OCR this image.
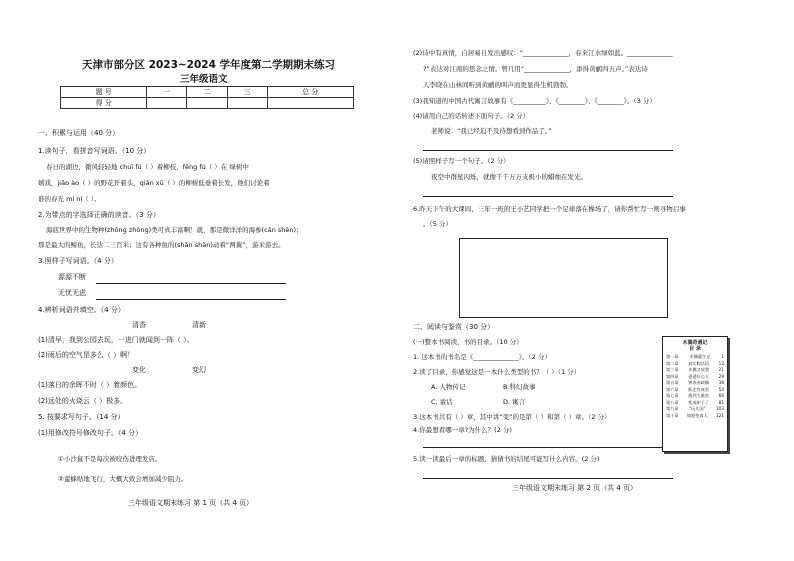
天津市部分区 2023~2024 学年度第二学期期末练习
三年级语文
题 号	一	二	三	总 分
得 分				
一、积累与运用（40 分）
1.读句子，看拼音写词语。（10 分）
春日的湖边，微风轻轻地 chuī fú（ ）着柳枝，fěng fú（ ）在 绿树中
嬉戏，jiāo ào（ ）的野花开着头，qiān xū（ ）的柳树低垂着长发，他们讨论着
谁的春光 mí ní（ ）。
2.为带点的字选择正确的读音。（3 分）
海底世界中的生物种(zhǒng zhòng)类可真丰富啊！就，那是微洋洋的海参(cān shēn)；
那是最大的鲸鱼，长达二三百米；这有各种鱼的(shǎn shàn)动着“两翼”，游来游去。
3.照样子写词语。（4 分）
源源不断
无忧无虑
4.辨析词语并填空。（4 分）
清香	清新
(1)清早，我到公园去玩，一进门就闻到一阵（ ）。
(2)雨后的空气是多么（ ）啊！
变化	变幻
(1)落日的余晖不时（ ）着颜色。
(2)远处的火烧云（ ）极多。
5. 按要求写句子。（14 分）
(1)用修改符号修改句子。（4 分）
①小沙鼠不是每次被咬伤进理发店。
②蛮蜂贴地飞行，大概大致会增加减少阻力。
三年级语文期末练习 第 1 页（共 4 页）
(2)诗中有真情，自居易自发出感叹：“______________，春来江水绿如蓝。______________
?”表达对江南的思念之情。曾几用“______________，添得黄鹂四五声。”表达诗
人李晓在山林间听到黄鹂的叫声而更显得生机勃勃。
(3)我知道的中国古代寓言故事有《__________》、《________》、《________》。（3 分）
(4)请用自己的话转述下面句子。（2 分）
老师说：“我已经迫不及待想看到作品了。”
(5)请照样子写一个句子。（2 分）
夜空中群星闪烁，就像千千万万支极小的蜡烛在发光。
6.昨天下午的大课间，三年一班的王小艺同学把一个足球落在操场了，请你帮忙写一则寻物启事
。（5 分）
二、阅读与鉴赏（30 分）
(一)整本书阅读，书的目录。（10 分）
1. 这本书的书名是《______________》。（2 分）
2.读了目录，你感觉这是一本什么类型的书？（ ）（1 分）
A. 人物传记	B.科幻故事
C. 童话	D. 寓言
3.这本书共有（ ）章，其中讲“变”的是第（ ）和第（ ）章。（2 分）
4.你最想看哪一章?为什么？(2 分)
5.读一读最后一章的标题，猜猜书的结尾可能写什么内容。(2 分)
木偶奇遇记
目 录
第一章	木偶诞生记	1
第二章 真实假话语 12
第三章 木偶又成我 21
第四章 爸爸好心人 29
第五章 钟表赤缺偶 38
第六章 抓走有真里 54
第七章 遇到大鲨鱼 66
第八章 变成驴子了 81
第九章 “玩儿国” 103
第十章 如愿变真人 121
三年级语文期末练习 第 2 页（共 4 页）
